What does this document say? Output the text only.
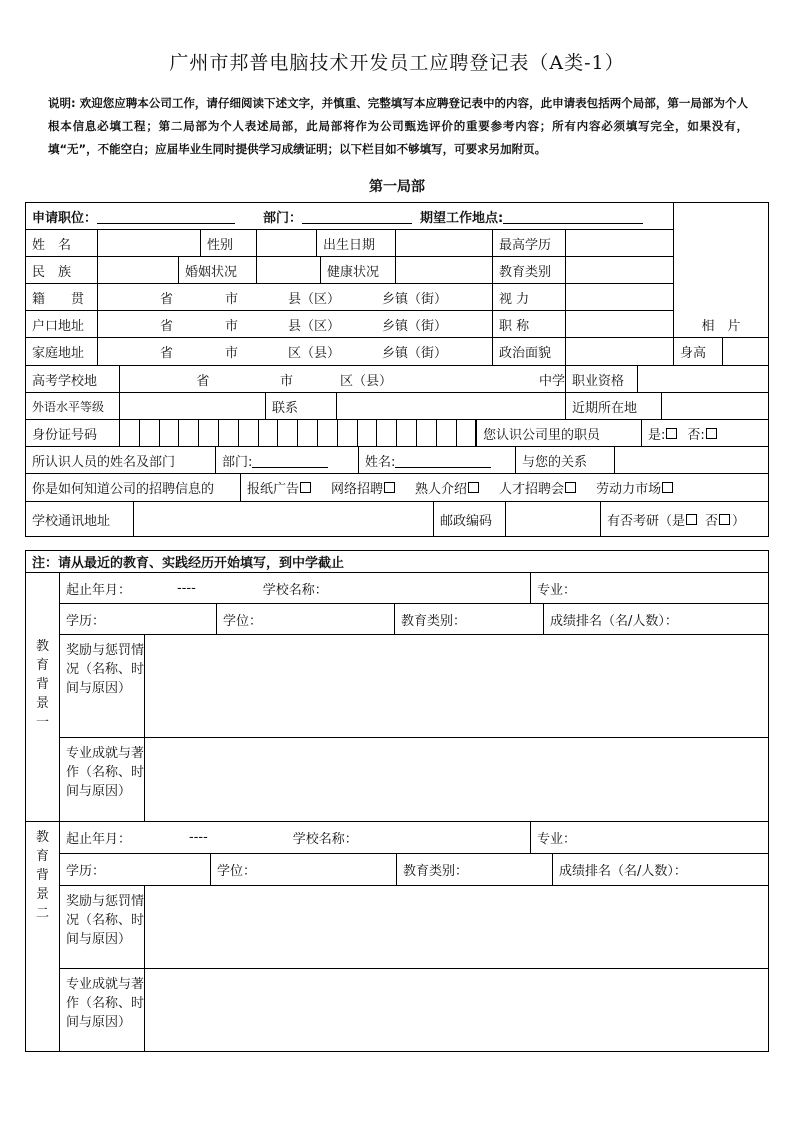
广州市邦普电脑技术开发员工应聘登记表（A类-1）
说明: 欢迎您应聘本公司工作，请仔细阅读下述文字，并慎重、完整填写本应聘登记表中的内容，此申请表包括两个局部，第一局部为个人根本信息必填工程；第二局部为个人表述局部，此局部将作为公司甄选评价的重要参考内容；所有内容必须填写完全，如果没有，填“无”，不能空白；应届毕业生同时提供学习成绩证明；以下栏目如不够填写，可要求另加附页。
第一局部
申请职位：	部门：	期望工作地点:
相　片
姓　名	性别	出生日期	最高学历
民　族	婚姻状况	健康状况	教育类别
籍　　贯	省	市	县（区）	乡镇（街）	视 力
户口地址	省	市	县（区）	乡镇（街）	职 称
家庭地址	省	市	区（县）	乡镇（街）	政治面貌	身高
高考学校地	省	市	区（县）	中学 职业资格
外语水平等级	联系	近期所在地
身份证号码	您认识公司里的职员	是: 否:
所认识人员的姓名及部门	部门:	姓名:	与您的关系
你是如何知道公司的招聘信息的	报纸广告 网络招聘 熟人介绍 人才招聘会 劳动力市场
学校通讯地址	邮政编码	有否考研（是 否 ）
注：请从最近的教育、实践经历开始填写，到中学截止
教育背景一
起止年月：	----	学校名称：	专业：
学历：	学位：	教育类别：	成绩排名（名/人数）：
奖励与惩罚情况（名称、时间与原因）
专业成就与著作（名称、时间与原因）
教育背景二
起止年月：	----	学校名称：	专业：
学历：	学位：	教育类别：	成绩排名（名/人数）：
奖励与惩罚情况（名称、时间与原因）
专业成就与著作（名称、时间与原因）
